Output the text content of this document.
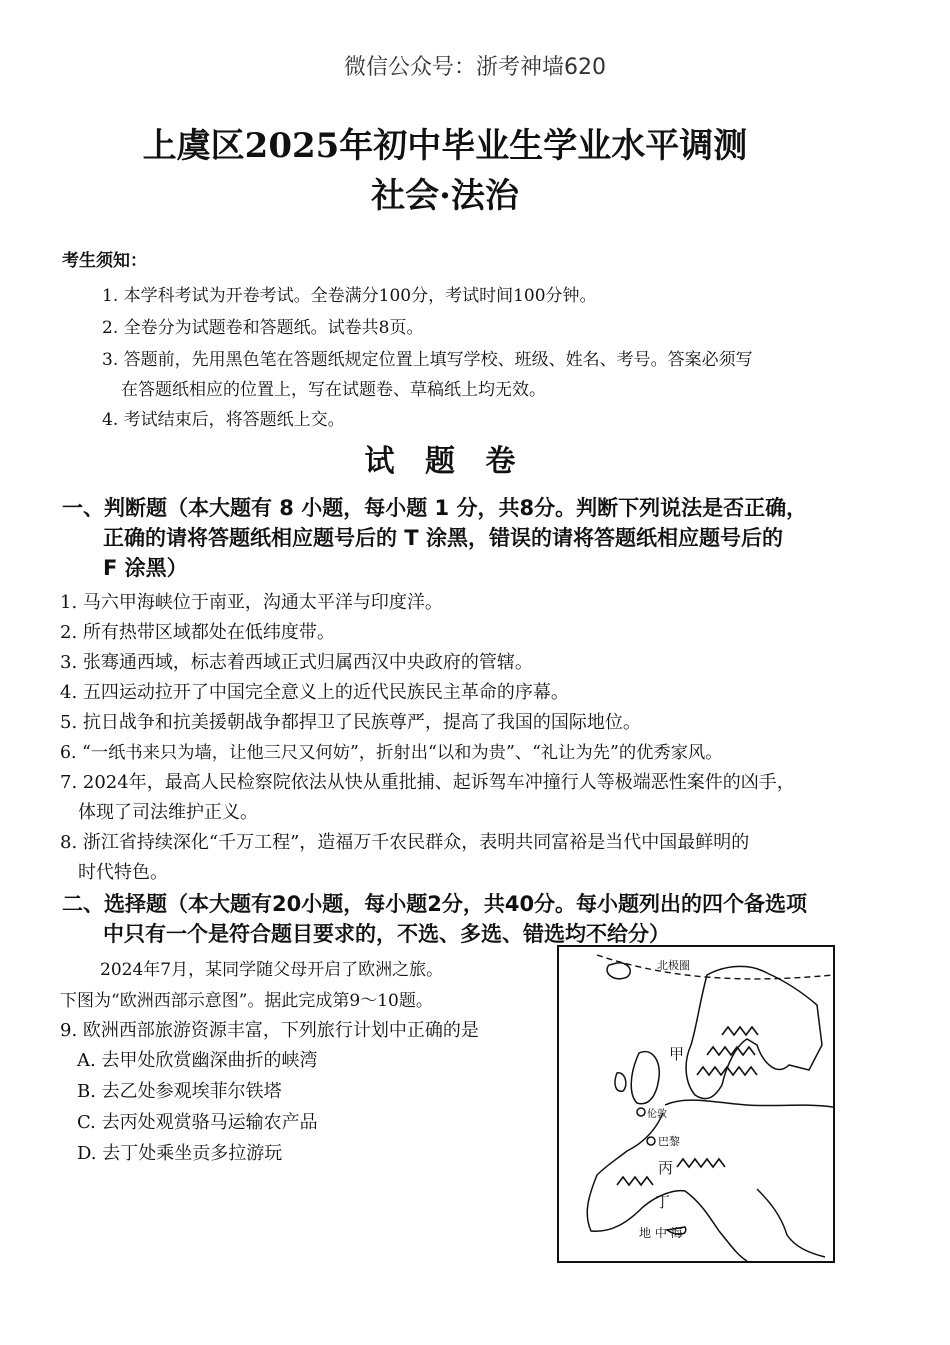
微信公众号：浙考神墙620

上虞区2025年初中毕业生学业水平调测
社会·法治

考生须知：

1. 本学科考试为开卷考试。全卷满分100分，考试时间100分钟。

2. 全卷分为试题卷和答题纸。试卷共8页。

3. 答题前，先用黑色笔在答题纸规定位置上填写学校、班级、姓名、考号。答案必须写

在答题纸相应的位置上，写在试题卷、草稿纸上均无效。

4. 考试结束后，将答题纸上交。

试 题 卷

一、判断题（本大题有 8 小题，每小题 1 分，共8分。判断下列说法是否正确，

正确的请将答题纸相应题号后的 T 涂黑，错误的请将答题纸相应题号后的

F 涂黑）

1. 马六甲海峡位于南亚，沟通太平洋与印度洋。

2. 所有热带区域都处在低纬度带。

3. 张骞通西域，标志着西域正式归属西汉中央政府的管辖。

4. 五四运动拉开了中国完全意义上的近代民族民主革命的序幕。

5. 抗日战争和抗美援朝战争都捍卫了民族尊严，提高了我国的国际地位。

6. “一纸书来只为墙，让他三尺又何妨”，折射出“以和为贵”、“礼让为先”的优秀家风。

7. 2024年，最高人民检察院依法从快从重批捕、起诉驾车冲撞行人等极端恶性案件的凶手，

体现了司法维护正义。

8. 浙江省持续深化“千万工程”，造福万千农民群众，表明共同富裕是当代中国最鲜明的

时代特色。

二、选择题（本大题有20小题，每小题2分，共40分。每小题列出的四个备选项

中只有一个是符合题目要求的，不选、多选、错选均不给分）

2024年7月，某同学随父母开启了欧洲之旅。

下图为“欧洲西部示意图”。据此完成第9～10题。

9. 欧洲西部旅游资源丰富，下列旅行计划中正确的是

A. 去甲处欣赏幽深曲折的峡湾

B. 去乙处参观埃菲尔铁塔

C. 去丙处观赏骆马运输农产品

D. 去丁处乘坐贡多拉游玩

北极圈
甲
伦敦
巴黎
丙
丁
地 中 海
